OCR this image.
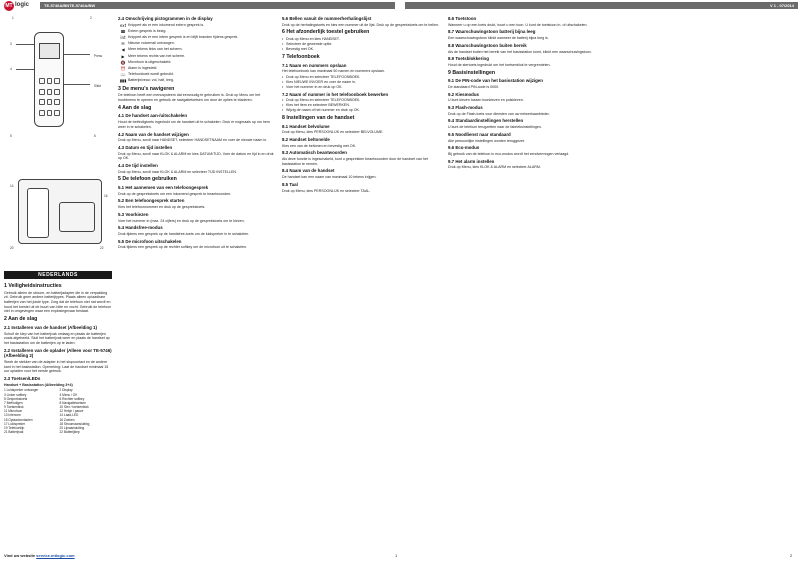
MT logic	TE-5746A/BNTE-5746A/BW	V 1 - 07/2014
1	2
Press
Slide
3
4
5	6
14
16
20	22
NEDERLANDS
1 Veiligheidsinstructies

Gebruik alleen de stroom- en batterijadapter die in de verpakking zit. Gebruik geen andere batterijtypes. Plaats alleen oplaadbare batterijen van het juiste type. Zorg dat de telefoon niet nat wordt en houd het toestel uit de buurt van hitte en vocht. Gebruik de telefoon niet in omgevingen waar een explosiegevaar bestaat.

2 Aan de slag
2.1 Installeren van de handset (Afbeelding 1)

Schuif de klep van het batterijvak omlaag en plaats de batterijen zoals afgebeeld. Sluit het batterijvak weer en plaats de handset op het basisstation om de batterijen op te laden.

2.2 Installeren van de oplader (Alleen voor TE-5746) (Afbeelding 2)

Steek de stekker van de adapter in het stopcontact en de andere kant in het basisstation. Opmerking: Laat de handset minimaal 15 uur opladen voor het eerste gebruik.

2.3 Toetsen/LEDs

Handset + Basisstation (Afbeelding 3+4)

1 Luidspreker ontvanger	2 Display
3 Linker softkey	4 Menu / OK
5 Gesprekstoets	6 Rechter softkey
7 Beëindigen	8 Navigatietoetsen
9 Toetsenblok	10 Ster / toetsenblok
11 Microfoon	12 Hekje / pauze
13 Intercom	14 Laad-LED
15 Oplaadcontacten	16 Zoeken
17 Luidspreker	18 Stroomaansluiting
19 Telefoonlijn	20 Lijnaansluiting
21 Batterijvak	22 Batterijklep
2.4 Omschrijving pictogrammen in de display
ext Knippert als er een inkomend extern gesprek is.
☎ Extern gesprek is bezig.
int Knippert als er een intern gesprek is en blijft branden tijdens gesprek.
✉ Nieuwe voicemail ontvangen.
◀ Meer tekens links van het scherm.
▶ Meer tekens rechts van het scherm.
🔇 Microfoon is uitgeschakeld.
⏰ Alarm is ingesteld.
📖 Telefoonboek wordt gebruikt.
▮▮▮ Batterijniveau: vol, half, leeg.
3 De menu's navigeren

De telefoon heeft een menusysteem dat eenvoudig te gebruiken is. Druk op Menu om het hoofdmenu te openen en gebruik de navigatietoetsen om door de opties te bladeren.

4 Aan de slag
4.1 De handset aan-/uitschakelen

Houd de beëindigtoets ingedrukt om de handset uit te schakelen. Druk er nogmaals op om hem weer in te schakelen.

4.2 Naam van de handset wijzigen

Druk op Menu, scroll naar HANDSET, selecteer HANDSETNAAM en voer de nieuwe naam in.

4.3 Datum en tijd instellen

Druk op Menu, scroll naar KLOK & ALARM en kies DATUM/TIJD. Voer de datum en tijd in en druk op OK.

4.4 De tijd instellen

Druk op Menu, scroll naar KLOK & ALARM en selecteer TIJD INSTELLEN.

5 De telefoon gebruiken
5.1 Het aannemen van een telefoongesprek

Druk op de gesprekstoets om een inkomend gesprek te beantwoorden.

5.2 Een telefoongesprek starten

Kies het telefoonnummer en druk op de gesprekstoets.

5.3 Voorkiezen

Voer het nummer in (max. 24 cijfers) en druk op de gesprekstoets om te kiezen.

5.4 Handsfree-modus

Druk tijdens een gesprek op de handsfree-toets om de luidspreker in te schakelen.

5.5 De microfoon uitschakelen

Druk tijdens een gesprek op de rechter softkey om de microfoon uit te schakelen.

5.6 Bellen vanuit de nummerherhalingslijst

Druk op de herhalingstoets en kies een nummer uit de lijst. Druk op de gesprekstoets om te bellen.

6 Het afzonderlijk toestel gebruiken
• Druk op Menu en kies HANDSET.
• Selecteer de gewenste optie.
• Bevestig met OK.
7 Telefoonboek
7.1 Naam en nummers opslaan

Het telefoonboek kan maximaal 50 namen en nummers opslaan.

• Druk op Menu en selecteer TELEFOONBOEK.
• Kies NIEUWE INVOER en voer de naam in.
• Voer het nummer in en druk op OK.
7.2 Naam of nummer in het telefoonboek bewerken
• Druk op Menu en selecteer TELEFOONBOEK.
• Kies het item en selecteer BEWERKEN.
• Wijzig de naam of het nummer en druk op OK.
8 Instellingen van de handset
8.1 Handset belvolume

Druk op Menu, kies PERSOONLIJK en selecteer BELVOLUME.

8.2 Handset beltonelde

Kies een van de beltonen en bevestig met OK.

8.3 Automatisch beantwoorden

Als deze functie is ingeschakeld, kunt u gesprekken beantwoorden door de handset van het basisstation te nemen.

8.4 Naam van de handset

De handset kan een naam van maximaal 10 tekens krijgen.

8.5 Taal

Druk op Menu, kies PERSOONLIJK en selecteer TAAL.

8.6 Toetstoon

Wanneer u op een toets drukt, hoort u een toon. U kunt de toetstoon in- of uitschakelen.

8.7 Waarschuwingstoon batterij bijna leeg

Een waarschuwingstoon klinkt wanneer de batterij bijna leeg is.

8.8 Waarschuwingstoon buiten bereik

Als de handset buiten het bereik van het basisstation komt, klinkt een waarschuwingstoon.

8.9 Toetsblokkering

Houd de stertoets ingedrukt om het toetsenblok te vergrendelen.

9 Basisinstellingen
9.1 De PIN-code van het basisstation wijzigen

De standaard PIN-code is 0000.

9.2 Kiesmodus

U kunt kiezen tussen toonkiezen en pulskiezen.

9.3 Flash-modus

Druk op de Flash-toets voor diensten van uw netwerkaanbieder.

9.4 Standaardinstellingen herstellen

U kunt de telefoon terugzetten naar de fabrieksinstellingen.

9.5 Noodlienst naar standaard

Alle persoonlijke instellingen worden teruggezet.

9.6 Eco-modus

Bij gebruik van de telefoon in eco-modus wordt het zendvermogen verlaagd.

9.7 Het alarm instellen

Druk op Menu, kies KLOK & ALARM en selecteer ALARM.

Vind uw website service.mtlogic.com	1	2
